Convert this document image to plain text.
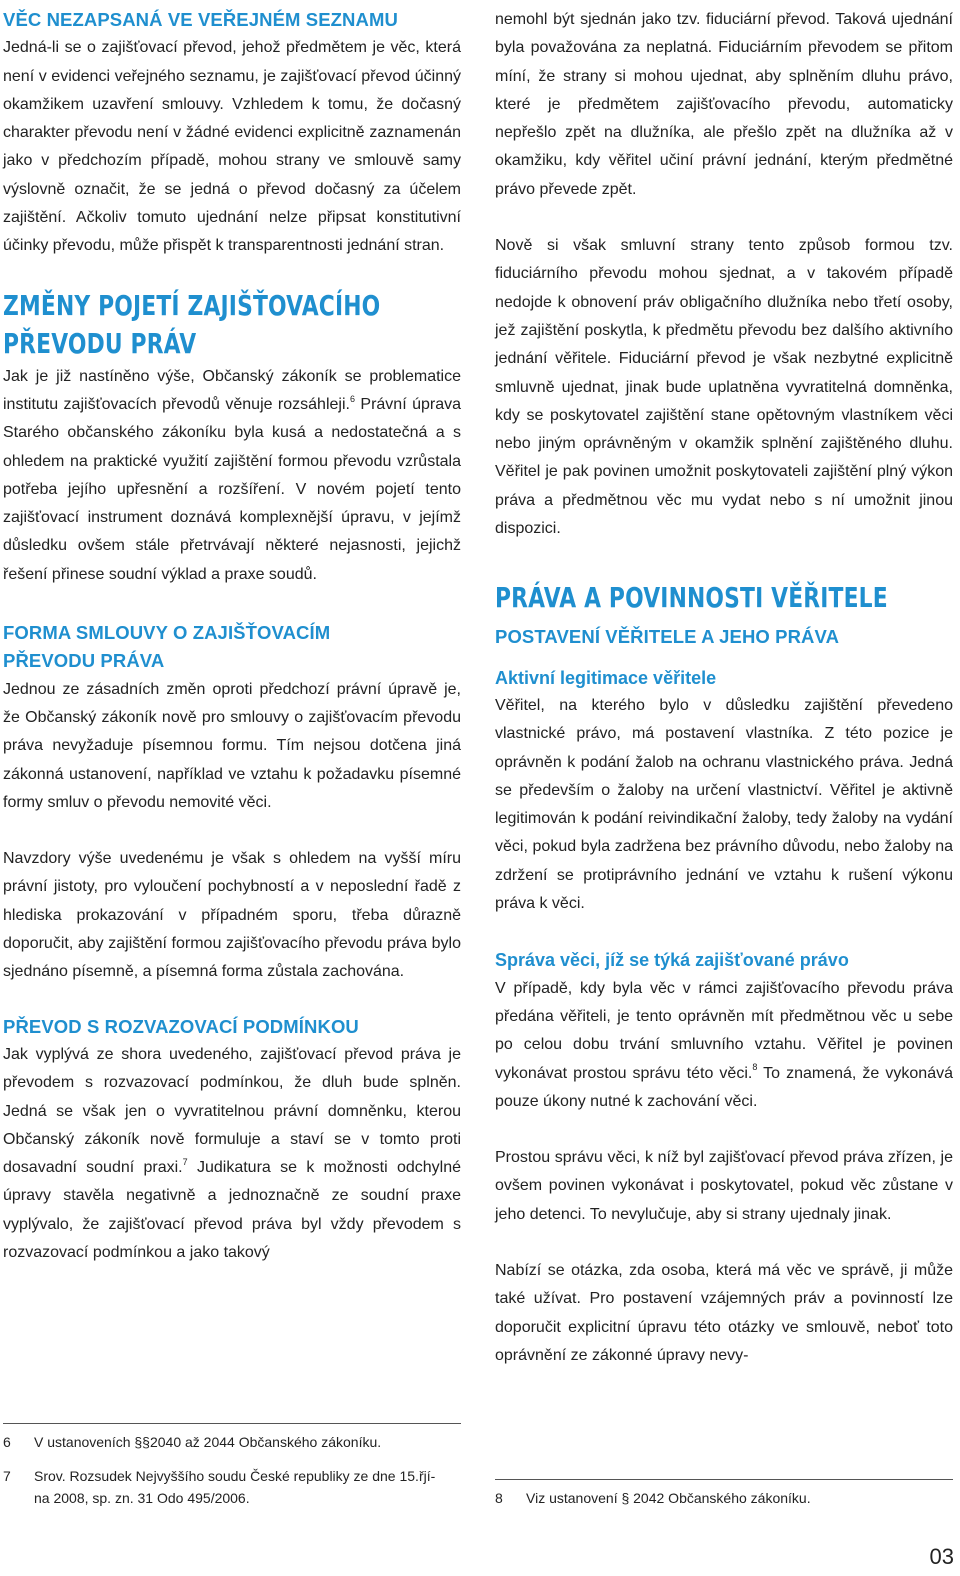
VĚC NEZAPSANÁ VE VEŘEJNÉM SEZNAMU

Jedná-li se o zajišťovací převod, jehož předmětem je věc, která není v evidenci veřejného seznamu, je zajišťovací převod účinný okamžikem uzavření smlouvy. Vzhledem k tomu, že dočasný charakter převodu není v žádné evidenci explicitně zaznamenán jako v předchozím případě, mohou strany ve smlouvě samy výslovně označit, že se jedná o převod dočasný za účelem zajištění. Ačkoliv tomuto ujednání nelze připsat konstitutivní účinky převodu, může přispět k transparentnosti jednání stran.

ZMĚNY POJETÍ ZAJIŠŤOVACÍHO
PŘEVODU PRÁV

Jak je již nastíněno výše, Občanský zákoník se problematice institutu zajišťovacích převodů věnuje rozsáhleji.$^6$ Právní úprava Starého občanského zákoníku byla kusá a nedostatečná a s ohledem na praktické využití zajištění formou převodu vzrůstala potřeba jejího upřesnění a rozšíření. V novém pojetí tento zajišťovací instrument doznává komplexnější úpravu, v jejímž důsledku ovšem stále přetrvávají některé nejasnosti, jejichž řešení přinese soudní výklad a praxe soudů.

FORMA SMLOUVY O ZAJIŠŤOVACÍM
PŘEVODU PRÁVA

Jednou ze zásadních změn oproti předchozí právní úpravě je, že Občanský zákoník nově pro smlouvy o zajišťovacím převodu práva nevyžaduje písemnou formu. Tím nejsou dotčena jiná zákonná ustanovení, například ve vztahu k požadavku písemné formy smluv o převodu nemovité věci.

Navzdory výše uvedenému je však s ohledem na vyšší míru právní jistoty, pro vyloučení pochybností a v neposlední řadě z hlediska prokazování v případném sporu, třeba důrazně doporučit, aby zajištění formou zajišťovacího převodu práva bylo sjednáno písemně, a písemná forma zůstala zachována.

PŘEVOD S ROZVAZOVACÍ PODMÍNKOU

Jak vyplývá ze shora uvedeného, zajišťovací převod práva je převodem s rozvazovací podmínkou, že dluh bude splněn. Jedná se však jen o vyvratitelnou právní domněnku, kterou Občanský zákoník nově formuluje a staví se v tomto proti dosavadní soudní praxi.$^7$ Judikatura se k možnosti odchylné úpravy stavěla negativně a jednoznačně ze soudní praxe vyplývalo, že zajišťovací převod práva byl vždy převodem s rozvazovací podmínkou a jako takový

6 V ustanoveních §§2040 až 2044 Občanského zákoníku.
7 Srov. Rozsudek Nejvyššího soudu České republiky ze dne 15.řjí-
na 2008, sp. zn. 31 Odo 495/2006.

nemohl být sjednán jako tzv. fiduciární převod. Taková ujednání byla považována za neplatná. Fiduciárním převodem se přitom míní, že strany si mohou ujednat, aby splněním dluhu právo, které je předmětem zajišťovacího převodu, automaticky nepřešlo zpět na dlužníka, ale přešlo zpět na dlužníka až v okamžiku, kdy věřitel učiní právní jednání, kterým předmětné právo převede zpět.

Nově si však smluvní strany tento způsob formou tzv. fiduciárního převodu mohou sjednat, a v takovém případě nedojde k obnovení práv obligačního dlužníka nebo třetí osoby, jež zajištění poskytla, k předmětu převodu bez dalšího aktivního jednání věřitele. Fiduciární převod je však nezbytné explicitně smluvně ujednat, jinak bude uplatněna vyvratitelná domněnka, kdy se poskytovatel zajištění stane opětovným vlastníkem věci nebo jiným oprávněným v okamžik splnění zajištěného dluhu. Věřitel je pak povinen umožnit poskytovateli zajištění plný výkon práva a předmětnou věc mu vydat nebo s ní umožnit jinou dispozici.

PRÁVA A POVINNOSTI VĚŘITELE
POSTAVENÍ VĚŘITELE A JEHO PRÁVA
Aktivní legitimace věřitele

Věřitel, na kterého bylo v důsledku zajištění převedeno vlastnické právo, má postavení vlastníka. Z této pozice je oprávněn k podání žalob na ochranu vlastnického práva. Jedná se především o žaloby na určení vlastnictví. Věřitel je aktivně legitimován k podání reivindikační žaloby, tedy žaloby na vydání věci, pokud byla zadržena bez právního důvodu, nebo žaloby na zdržení se protiprávního jednání ve vztahu k rušení výkonu práva k věci.

Správa věci, jíž se týká zajišťované právo

V případě, kdy byla věc v rámci zajišťovacího převodu práva předána věřiteli, je tento oprávněn mít předmětnou věc u sebe po celou dobu trvání smluvního vztahu. Věřitel je povinen vykonávat prostou správu této věci.$^8$ To znamená, že vykonává pouze úkony nutné k zachování věci.

Prostou správu věci, k níž byl zajišťovací převod práva zřízen, je ovšem povinen vykonávat i poskytovatel, pokud věc zůstane v jeho detenci. To nevylučuje, aby si strany ujednaly jinak.

Nabízí se otázka, zda osoba, která má věc ve správě, ji může také užívat. Pro postavení vzájemných práv a povinností lze doporučit explicitní úpravu této otázky ve smlouvě, neboť toto oprávnění ze zákonné úpravy nevy-

8 Viz ustanovení § 2042 Občanského zákoníku.
03
